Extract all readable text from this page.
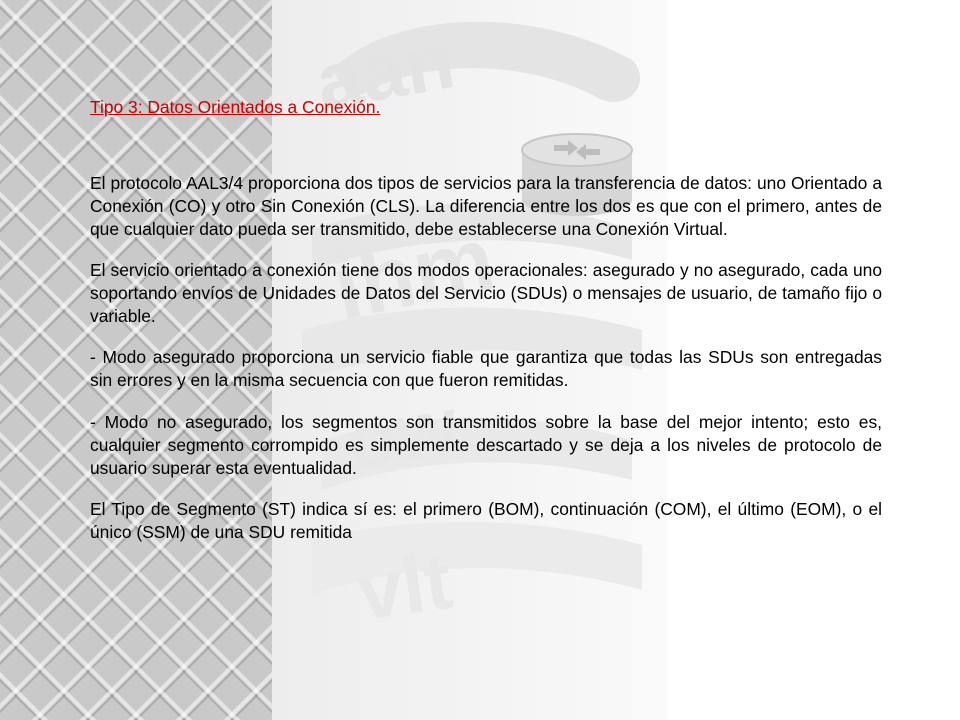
aan
ihm
ow
vlt

Tipo 3: Datos Orientados a Conexión.

El protocolo AAL3/4 proporciona dos tipos de servicios para la transferencia de datos: uno Orientado a Conexión (CO) y otro Sin Conexión (CLS). La diferencia entre los dos es que con el primero, antes de que cualquier dato pueda ser transmitido, debe establecerse una Conexión Virtual.

El servicio orientado a conexión tiene dos modos operacionales: asegurado y no asegurado, cada uno soportando envíos de Unidades de Datos del Servicio (SDUs) o mensajes de usuario, de tamaño fijo o variable.

- Modo asegurado proporciona un servicio fiable que garantiza que todas las SDUs son entregadas sin errores y en la misma secuencia con que fueron remitidas.

- Modo no asegurado, los segmentos son transmitidos sobre la base del mejor intento; esto es, cualquier segmento corrompido es simplemente descartado y se deja a los niveles de protocolo de usuario superar esta eventualidad.

El Tipo de Segmento (ST) indica sí es: el primero (BOM), continuación (COM), el último (EOM), o el único (SSM) de una SDU remitida
